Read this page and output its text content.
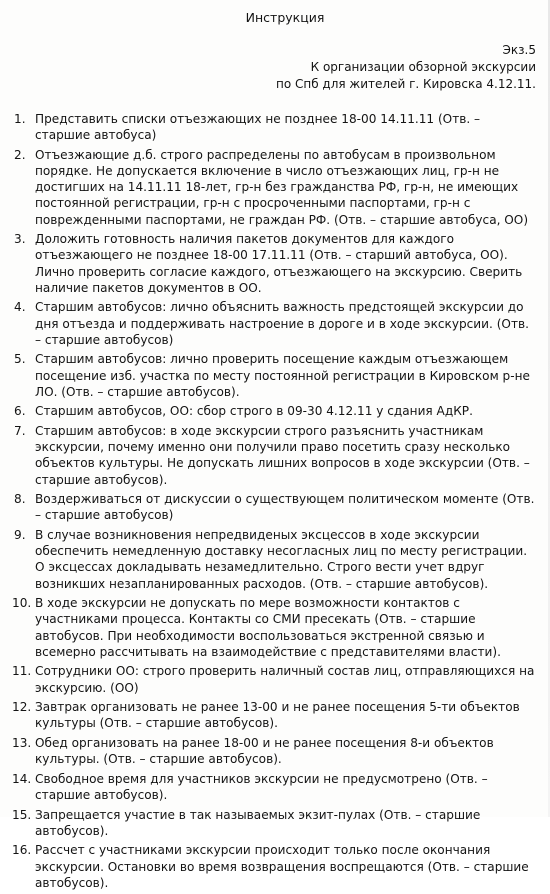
Инструкция
Экз.5
К организации обзорной экскурсии
по Спб для жителей г. Кировска 4.12.11.
1. Представить списки отъезжающих не позднее 18-00 14.11.11 (Отв. – старшие автобуса)
2. Отъезжающие д.б. строго распределены по автобусам в произвольном порядке. Не допускается включение в число отъезжающих лиц, гр-н не достигших на 14.11.11 18-лет, гр-н без гражданства РФ, гр-н, не имеющих постоянной регистрации, гр-н с просроченными паспортами, гр-н с поврежденными паспортами, не граждан РФ. (Отв. – старшие автобуса, ОО)
3. Доложить готовность наличия пакетов документов для каждого отъезжающего не позднее 18-00 17.11.11 (Отв. – старший автобуса, ОО). Лично проверить согласие каждого, отъезжающего на экскурсию. Сверить наличие пакетов документов в ОО.
4. Старшим автобусов: лично объяснить важность предстоящей экскурсии до дня отъезда и поддерживать настроение в дороге и в ходе экскурсии. (Отв. – старшие автобусов)
5. Старшим автобусов: лично проверить посещение каждым отъезжающем посещение изб. участка по месту постоянной регистрации в Кировском р-не ЛО. (Отв. – старшие автобусов).
6. Старшим автобусов, ОО: сбор строго в 09-30 4.12.11 у сдания АдКР.
7. Старшим автобусов: в ходе экскурсии строго разъяснить участникам экскурсии, почему именно они получили право посетить сразу несколько объектов культуры. Не допускать лишних вопросов в ходе экскурсии (Отв. – старшие автобусов).
8. Воздерживаться от дискуссии о существующем политическом моменте (Отв. – старшие автобусов)
9. В случае возникновения непредвиденых эксцессов в ходе экскурсии обеспечить немедленную доставку несогласных лиц по месту регистрации. О эксцессах докладывать незамедлительно. Строго вести учет вдруг возникших незапланированных расходов. (Отв. – старшие автобусов).
10. В ходе экскурсии не допускать по мере возможности контактов с участниками процесса. Контакты со СМИ пресекать (Отв. – старшие автобусов. При необходимости воспользоваться экстренной связью и всемерно рассчитывать на взаимодействие с представителями власти).
11. Сотрудники ОО: строго проверить наличный состав лиц, отправляющихся на экскурсию. (ОО)
12. Завтрак организовать не ранее 13-00 и не ранее посещения 5-ти объектов культуры (Отв. – старшие автобусов).
13. Обед организовать на ранее 18-00 и не ранее посещения 8-и объектов культуры. (Отв. – старшие автобусов).
14. Свободное время для участников экскурсии не предусмотрено (Отв. – старшие автобусов).
15. Запрещается участие в так называемых экзит-пулах (Отв. – старшие автобусов).
16. Рассчет с участниками экскурсии происходит только после окончания экскурсии. Остановки во время возвращения воспрещаются (Отв. – старшие автобусов).
